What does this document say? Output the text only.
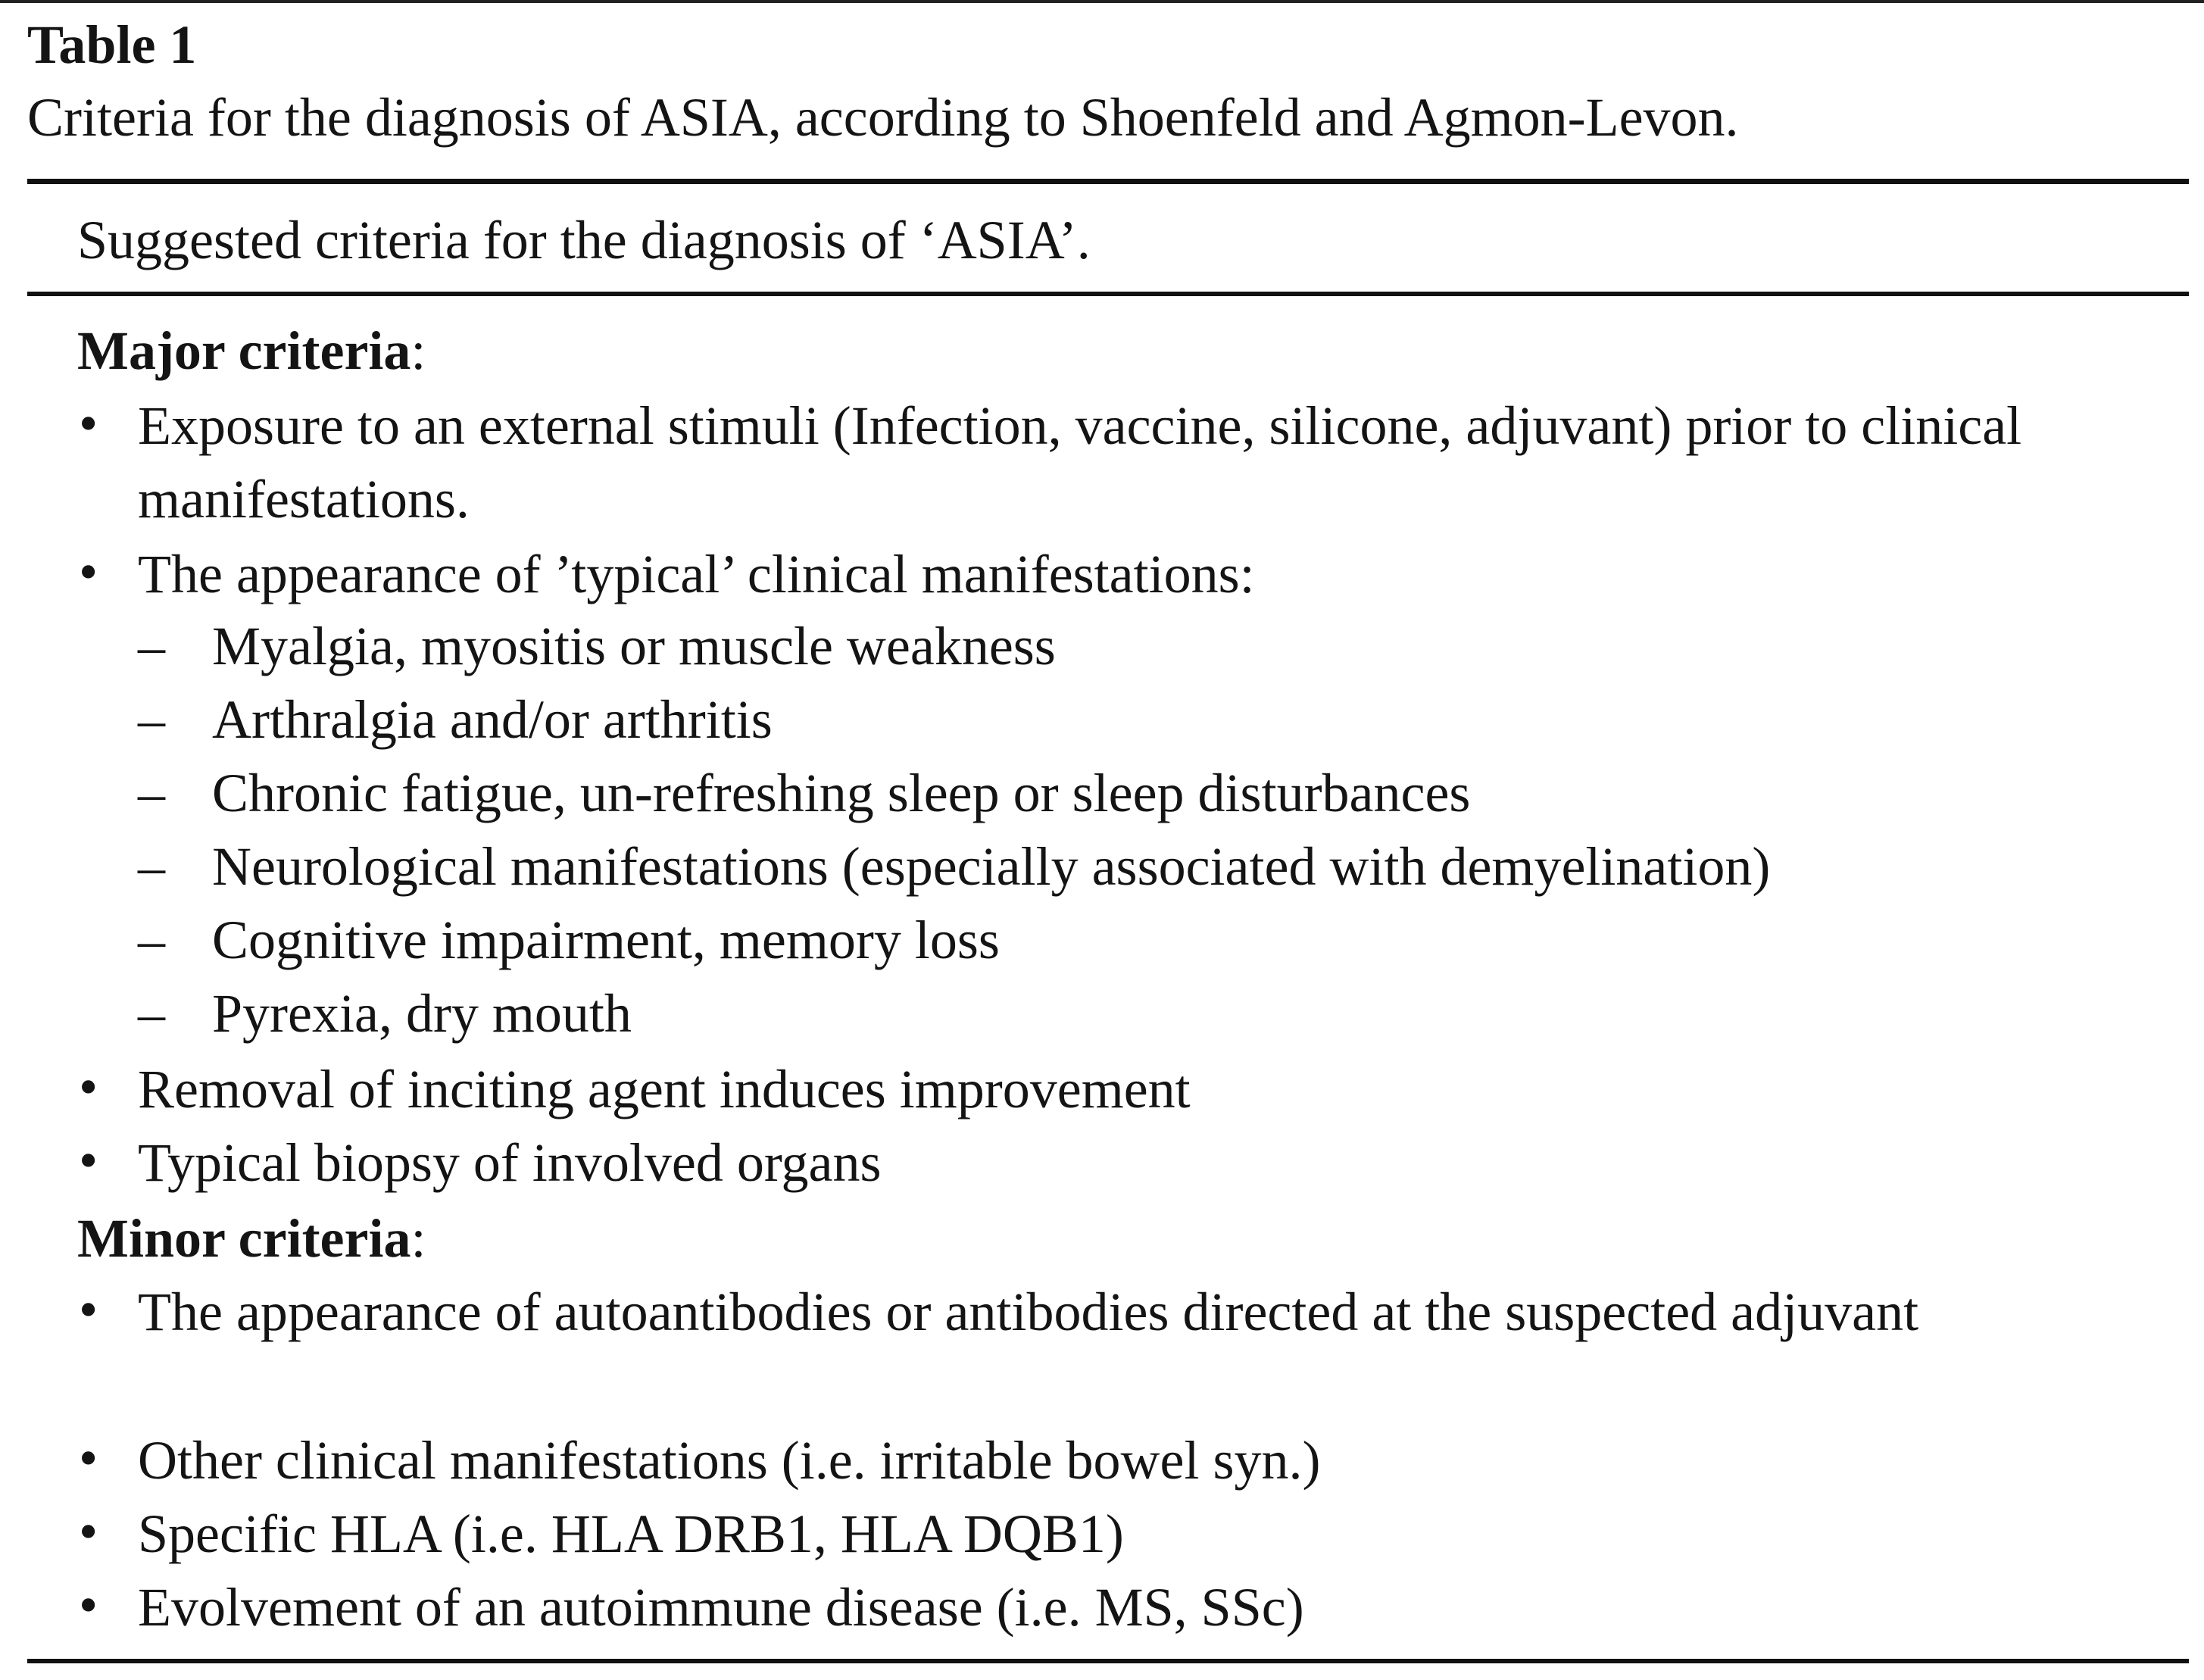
Table 1
Criteria for the diagnosis of ASIA, according to Shoenfeld and Agmon-Levon.
Suggested criteria for the diagnosis of ‘ASIA’.
Major criteria:
• Exposure to an external stimuli (Infection, vaccine, silicone, adjuvant) prior to clinical manifestations.
• The appearance of ’typical’ clinical manifestations:
– Myalgia, myositis or muscle weakness
– Arthralgia and/or arthritis
– Chronic fatigue, un-refreshing sleep or sleep disturbances
– Neurological manifestations (especially associated with demyelination)
– Cognitive impairment, memory loss
– Pyrexia, dry mouth
• Removal of inciting agent induces improvement
• Typical biopsy of involved organs
Minor criteria:
• The appearance of autoantibodies or antibodies directed at the suspected adjuvant
• Other clinical manifestations (i.e. irritable bowel syn.)
• Specific HLA (i.e. HLA DRB1, HLA DQB1)
• Evolvement of an autoimmune disease (i.e. MS, SSc)
